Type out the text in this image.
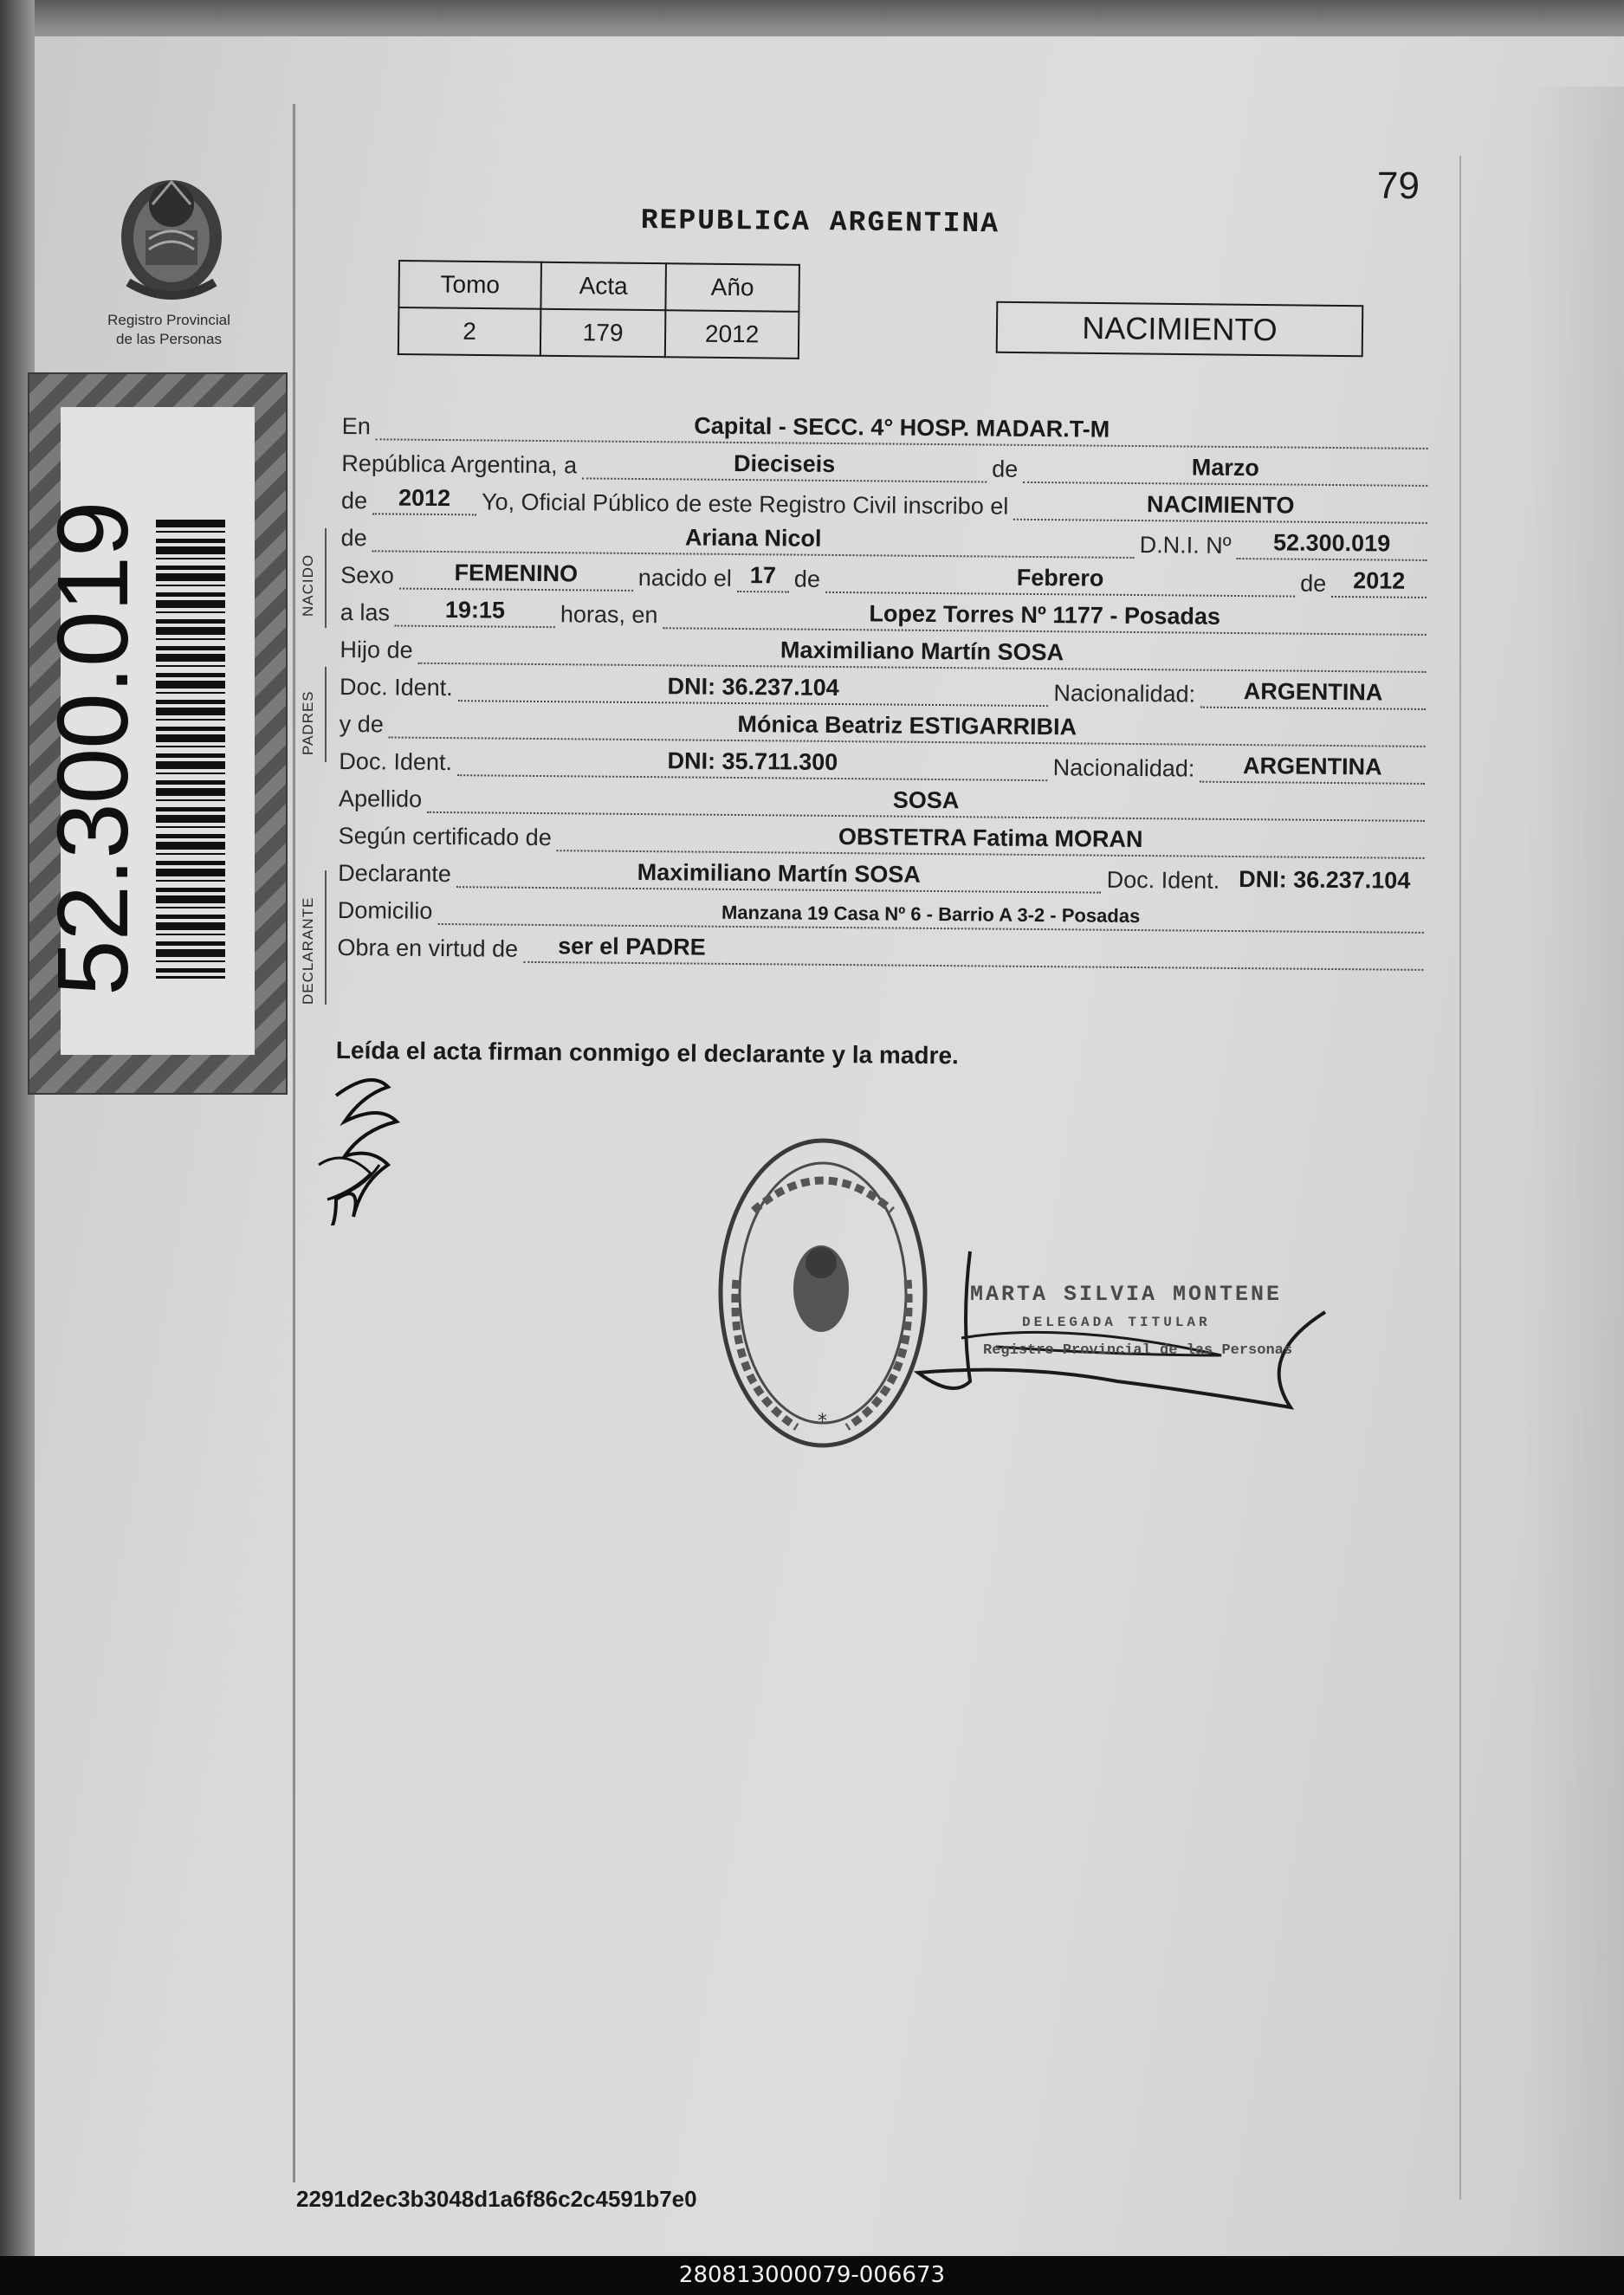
Registro Provincial
de las Personas
79
REPUBLICA ARGENTINA
Tomo	Acta	Año
2	179	2012	NACIMIENTO
52.300.019	NACIDO
PADRES
DECLARANTE
En	Capital - SECC. 4° HOSP. MADAR.T-M
República Argentina, a	Dieciseis	de	Marzo
de	2012	Yo, Oficial Público de este Registro Civil inscribo el	NACIMIENTO
de	Ariana Nicol	D.N.I. Nº	52.300.019
Sexo	FEMENINO	nacido el 17 de	Febrero	de	2012
a las	19:15	horas, en	Lopez Torres Nº 1177 - Posadas
Hijo de	Maximiliano Martín SOSA
Doc. Ident.	DNI: 36.237.104	Nacionalidad:	ARGENTINA
y de	Mónica Beatriz ESTIGARRIBIA
Doc. Ident.	DNI: 35.711.300	Nacionalidad:	ARGENTINA
Apellido	SOSA
Según certificado de	OBSTETRA Fatima MORAN
Declarante	Maximiliano Martín SOSA	Doc. Ident. DNI: 36.237.104
Domicilio	Manzana 19 Casa Nº 6 - Barrio A 3-2 - Posadas
Obra en virtud de	ser el PADRE
Leída el acta firman conmigo el declarante y la madre.
*
MARTA SILVIA MONTENE
DELEGADA TITULAR
Registro Provincial de las Personas
2291d2ec3b3048d1a6f86c2c4591b7e0
280813000079-006673
